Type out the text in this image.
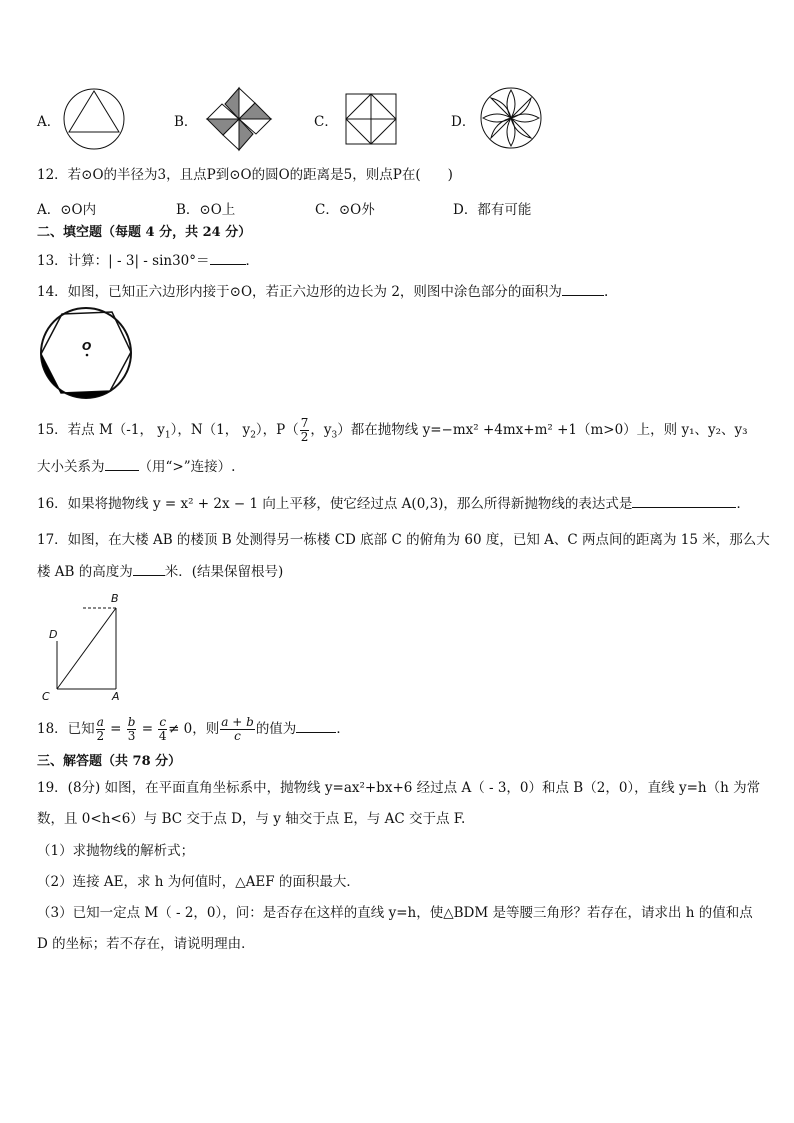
A．	B．	C．	D．
12．若⊙O的半径为3，且点P到⊙O的圆O的距离是5，则点P在(　　)
A．⊙O内	B．⊙O上	C．⊙O外	D．都有可能
二、填空题（每题 4 分，共 24 分）
13．计算：| - 3| - sin30°＝	．
14．如图，已知正六边形内接于⊙O，若正六边形的边长为 2，则图中涂色部分的面积为	.
O
15．若点 M（-1， $y_1$），N（1， $y_2$），$P( \frac{7}{2}$ ，$y_3$）都在抛物线 y=−mx² +4mx+m² +1（m>0）上，则 y₁、y₂、y₃
大小关系为	（用“>”连接）.
16．如果将抛物线 y = x² + 2x − 1 向上平移，使它经过点 A(0,3)，那么所得新抛物线的表达式是	．
17．如图，在大楼 AB 的楼顶 B 处测得另一栋楼 CD 底部 C 的俯角为 60 度，已知 A、C 两点间的距离为 15 米，那么大
楼 AB 的高度为 米．(结果保留根号)
B
D
C	A
18．已知 $\frac{a}{2} = \frac{b}{3} = \frac{c}{4} \ne 0$，则 $\frac{a + b}{c}$ 的值为	．
三、解答题（共 78 分）
19．(8分) 如图，在平面直角坐标系中，抛物线 y=ax²+bx+6 经过点 A（ - 3，0）和点 B（2，0），直线 y=h（h 为常
数，且 0<h<6）与 BC 交于点 D，与 y 轴交于点 E，与 AC 交于点 F.
（1）求抛物线的解析式；
（2）连接 AE，求 h 为何值时，△AEF 的面积最大．
（3）已知一定点 M（ - 2，0），问：是否存在这样的直线 y=h，使△BDM 是等腰三角形？若存在，请求出 h 的值和点
D 的坐标；若不存在，请说明理由．
